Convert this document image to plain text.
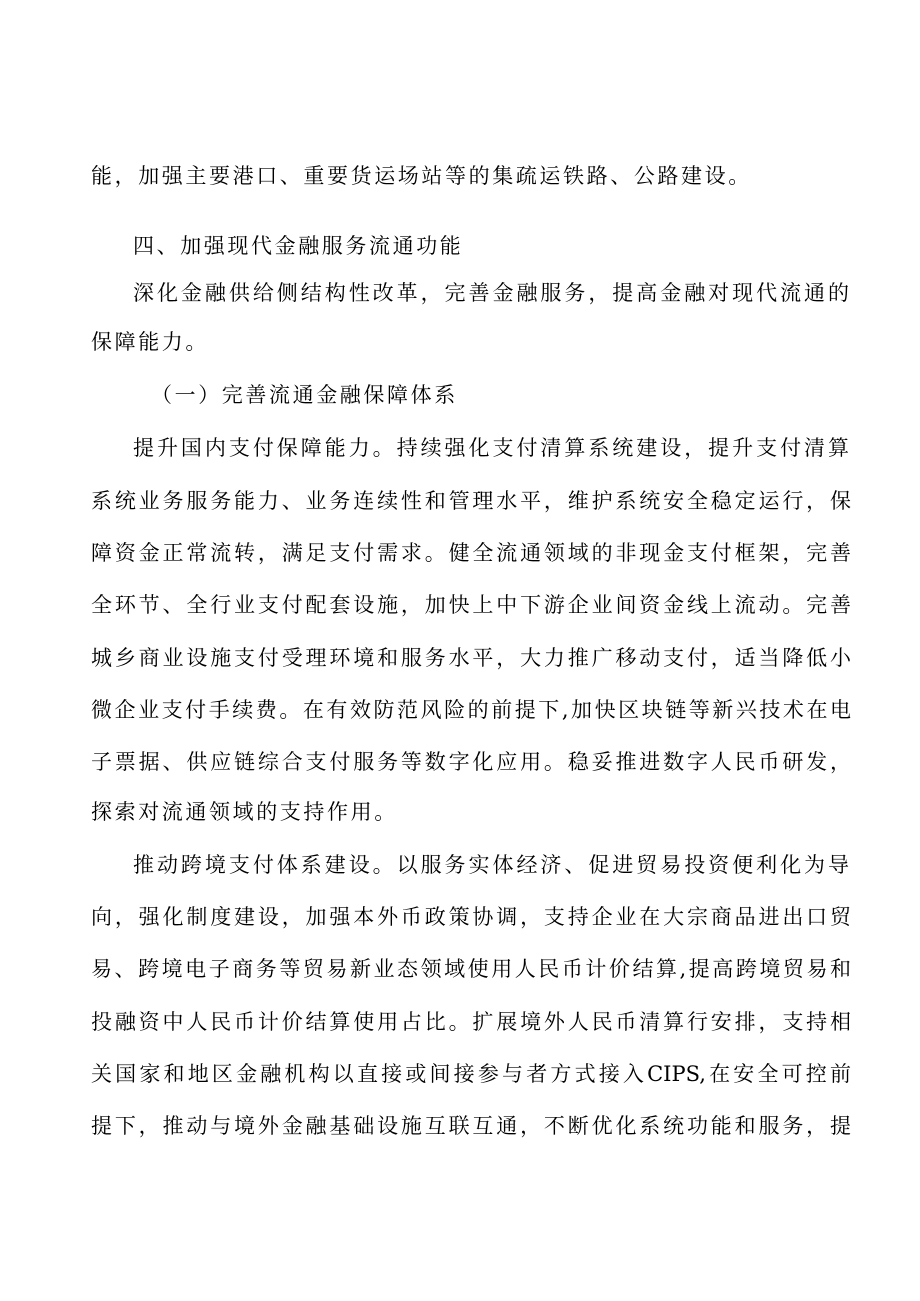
能，加强主要港口、重要货运场站等的集疏运铁路、公路建设。
四、加强现代金融服务流通功能
深化金融供给侧结构性改革，完善金融服务，提高金融对现代流通的
保障能力。
（一）完善流通金融保障体系
提升国内支付保障能力。持续强化支付清算系统建设，提升支付清算
系统业务服务能力、业务连续性和管理水平，维护系统安全稳定运行，保
障资金正常流转，满足支付需求。健全流通领域的非现金支付框架，完善
全环节、全行业支付配套设施，加快上中下游企业间资金线上流动。完善
城乡商业设施支付受理环境和服务水平，大力推广移动支付，适当降低小
微企业支付手续费。在有效防范风险的前提下,加快区块链等新兴技术在电
子票据、供应链综合支付服务等数字化应用。稳妥推进数字人民币研发，
探索对流通领域的支持作用。
推动跨境支付体系建设。以服务实体经济、促进贸易投资便利化为导
向，强化制度建设，加强本外币政策协调，支持企业在大宗商品进出口贸
易、跨境电子商务等贸易新业态领域使用人民币计价结算,提高跨境贸易和
投融资中人民币计价结算使用占比。扩展境外人民币清算行安排，支持相
关国家和地区金融机构以直接或间接参与者方式接入CIPS,在安全可控前
提下，推动与境外金融基础设施互联互通，不断优化系统功能和服务，提
